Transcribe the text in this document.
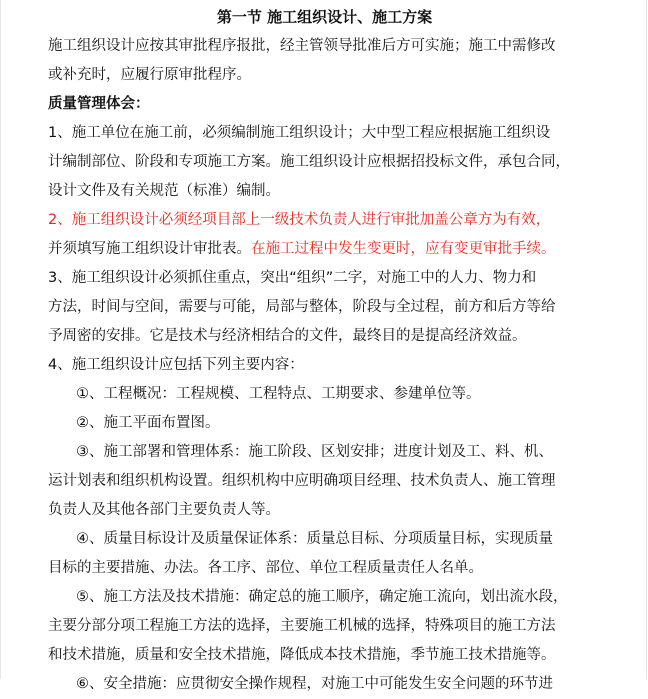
第一节 施工组织设计、施工方案
施工组织设计应按其审批程序报批，经主管领导批准后方可实施；施工中需修改
或补充时，应履行原审批程序。
质量管理体会：
1、施工单位在施工前，必须编制施工组织设计；大中型工程应根据施工组织设
计编制部位、阶段和专项施工方案。施工组织设计应根据招投标文件，承包合同，
设计文件及有关规范（标准）编制。
2、施工组织设计必须经项目部上一级技术负责人进行审批加盖公章方为有效，
并须填写施工组织设计审批表。在施工过程中发生变更时，应有变更审批手续。
3、施工组织设计必须抓住重点，突出“组织”二字，对施工中的人力、物力和
方法，时间与空间，需要与可能，局部与整体，阶段与全过程，前方和后方等给
予周密的安排。它是技术与经济相结合的文件，最终目的是提高经济效益。
4、施工组织设计应包括下列主要内容：
①、工程概况：工程规模、工程特点、工期要求、参建单位等。
②、施工平面布置图。
③、施工部署和管理体系：施工阶段、区划安排；进度计划及工、料、机、
运计划表和组织机构设置。组织机构中应明确项目经理、技术负责人、施工管理
负责人及其他各部门主要负责人等。
④、质量目标设计及质量保证体系：质量总目标、分项质量目标，实现质量
目标的主要措施、办法。各工序、部位、单位工程质量责任人名单。
⑤、施工方法及技术措施：确定总的施工顺序，确定施工流向，划出流水段，
主要分部分项工程施工方法的选择，主要施工机械的选择，特殊项目的施工方法
和技术措施，质量和安全技术措施，降低成本技术措施，季节施工技术措施等。
⑥、安全措施：应贯彻安全操作规程，对施工中可能发生安全问题的环节进
